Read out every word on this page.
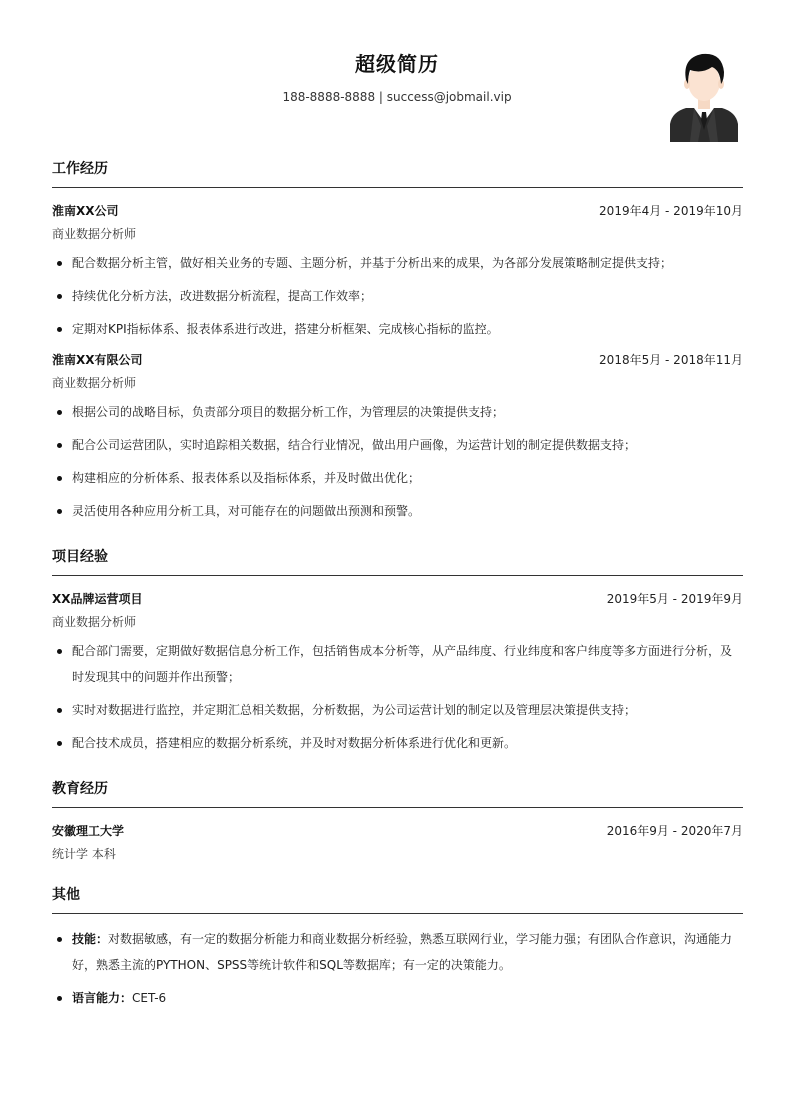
超级简历
188-8888-8888 | success@jobmail.vip
工作经历
淮南XX公司	2019年4月 - 2019年10月
商业数据分析师
配合数据分析主管，做好相关业务的专题、主题分析，并基于分析出来的成果，为各部分发展策略制定提供支持；
持续优化分析方法，改进数据分析流程，提高工作效率；
定期对KPI指标体系、报表体系进行改进，搭建分析框架、完成核心指标的监控。
淮南XX有限公司	2018年5月 - 2018年11月
商业数据分析师
根据公司的战略目标，负责部分项目的数据分析工作，为管理层的决策提供支持；
配合公司运营团队，实时追踪相关数据，结合行业情况，做出用户画像，为运营计划的制定提供数据支持；
构建相应的分析体系、报表体系以及指标体系，并及时做出优化；
灵活使用各种应用分析工具，对可能存在的问题做出预测和预警。
项目经验
XX品牌运营项目	2019年5月 - 2019年9月
商业数据分析师
配合部门需要，定期做好数据信息分析工作，包括销售成本分析等，从产品纬度、行业纬度和客户纬度等多方面进行分析，及时发现其中的问题并作出预警；
实时对数据进行监控，并定期汇总相关数据，分析数据，为公司运营计划的制定以及管理层决策提供支持；
配合技术成员，搭建相应的数据分析系统，并及时对数据分析体系进行优化和更新。
教育经历
安徽理工大学	2016年9月 - 2020年7月
统计学 本科
其他
技能：对数据敏感，有一定的数据分析能力和商业数据分析经验，熟悉互联网行业，学习能力强；有团队合作意识，沟通能力好，熟悉主流的PYTHON、SPSS等统计软件和SQL等数据库；有一定的决策能力。
语言能力：CET-6
